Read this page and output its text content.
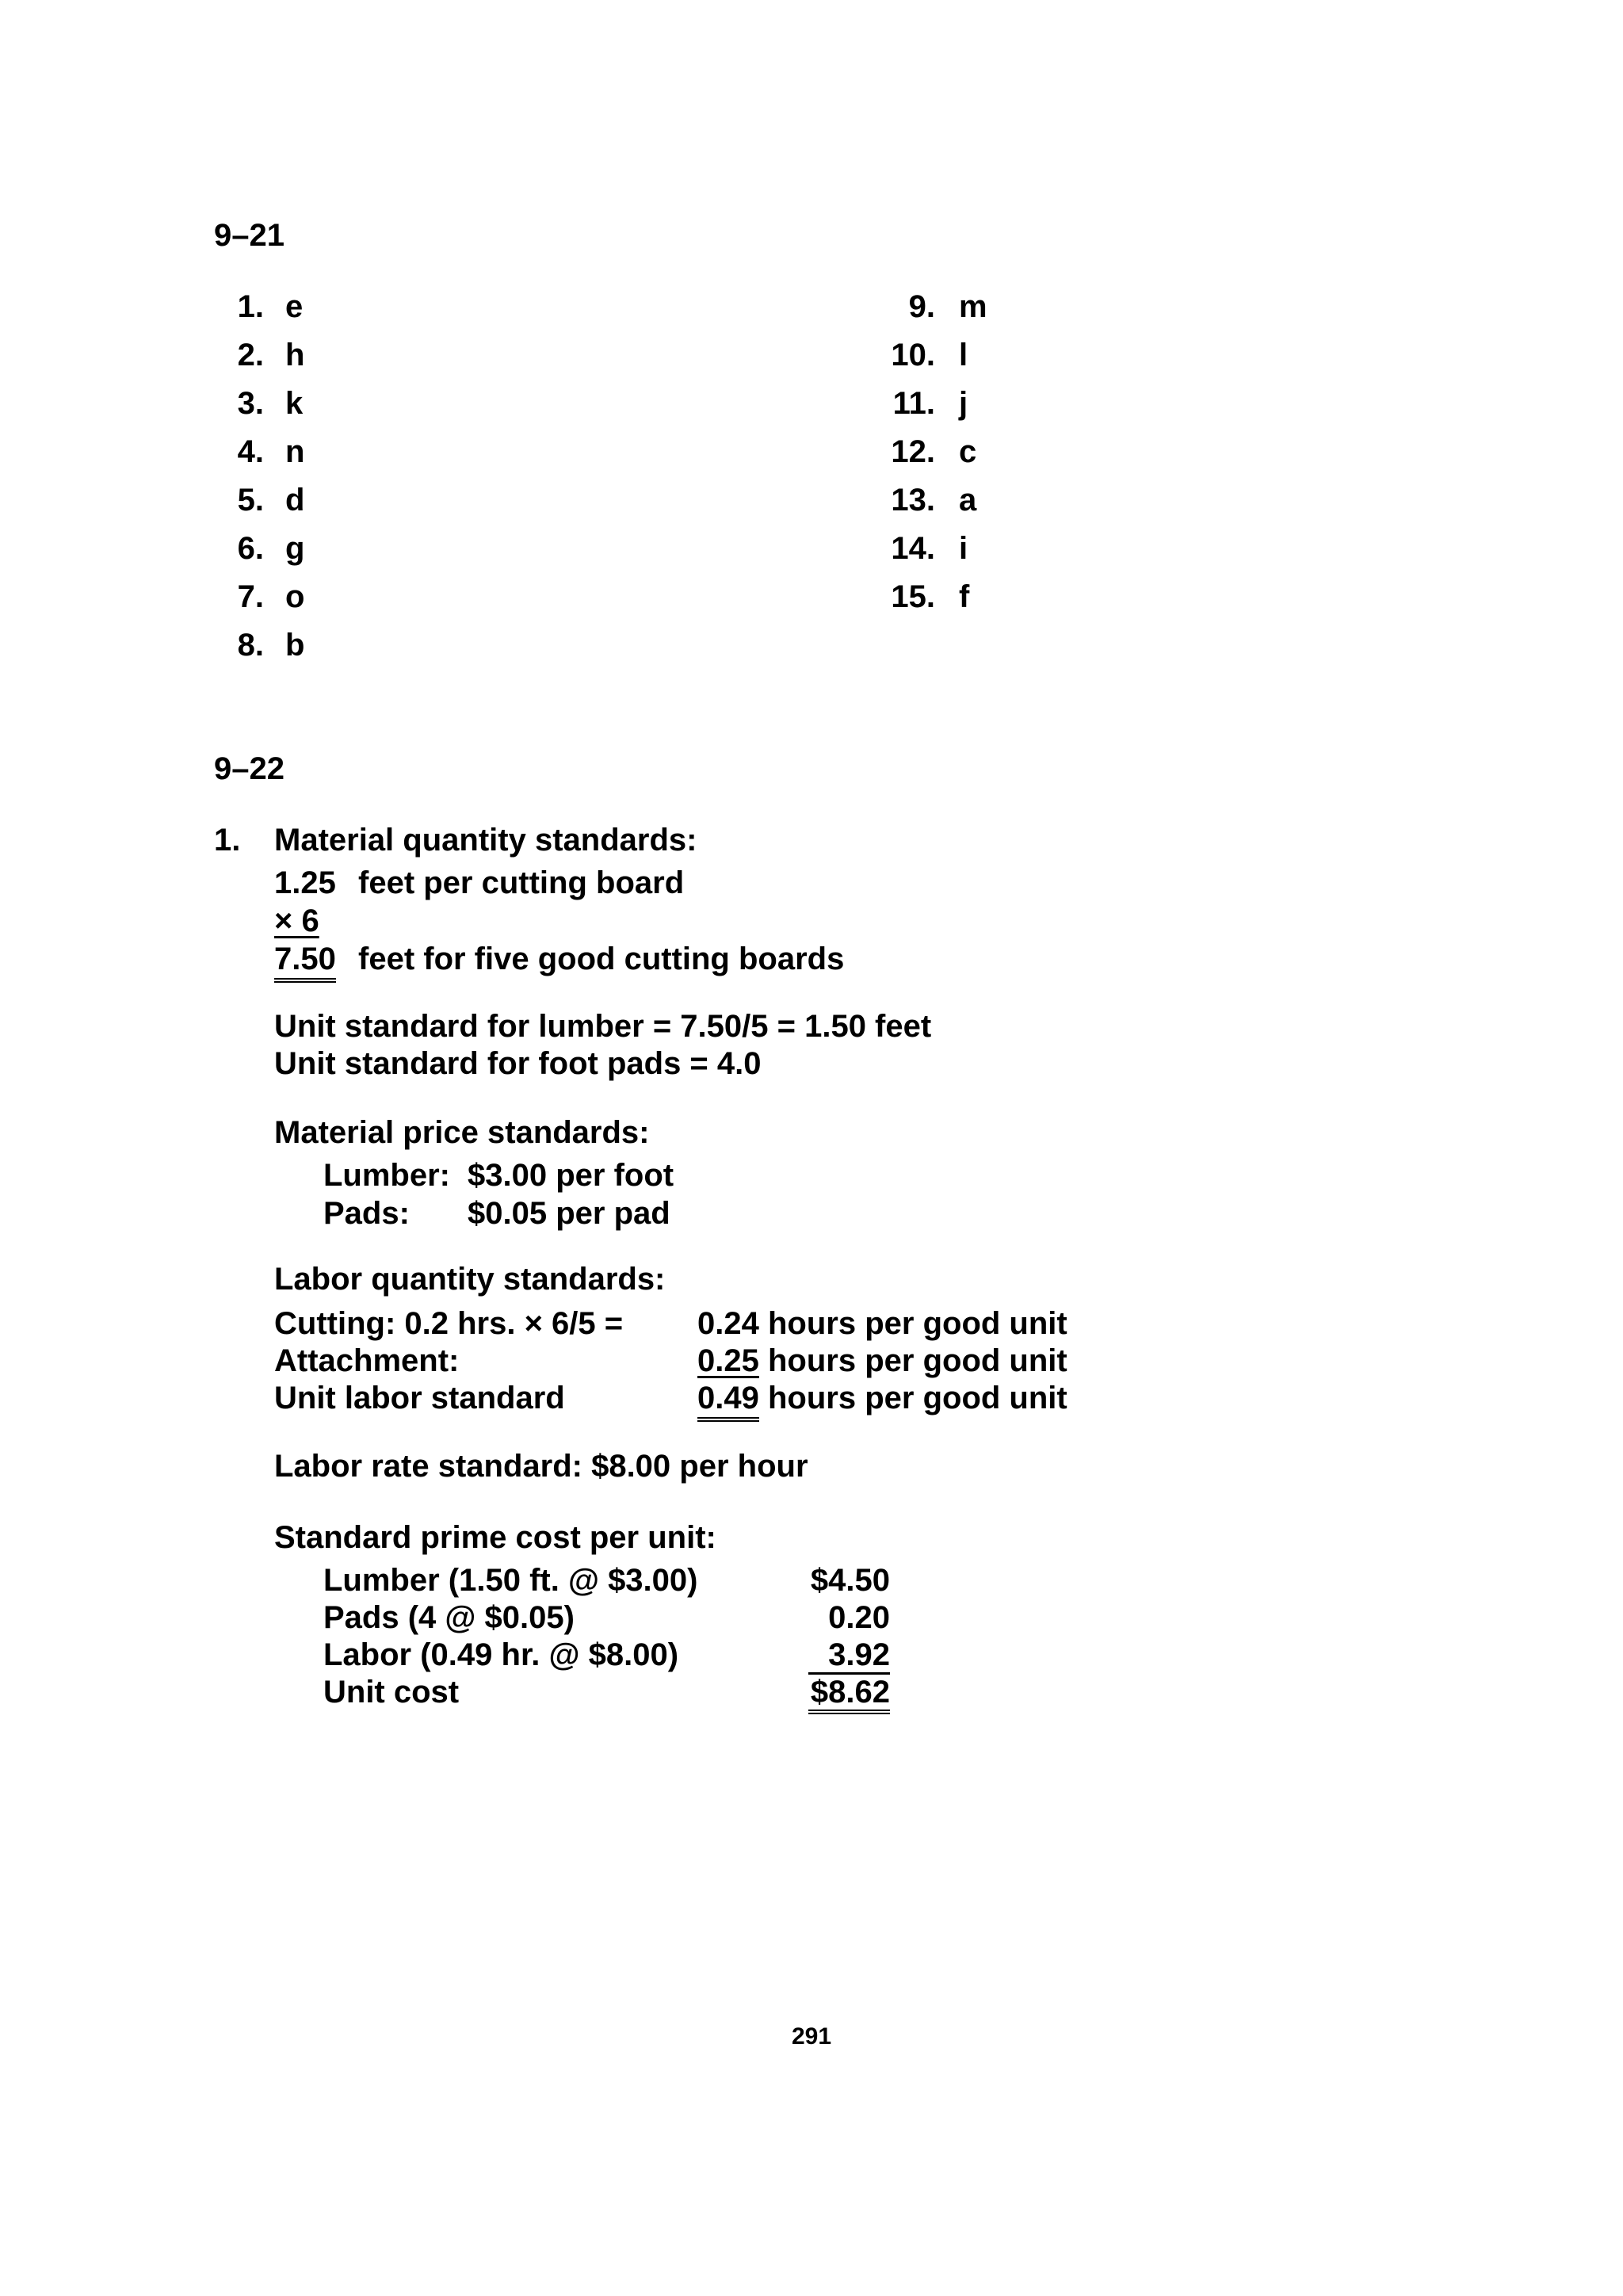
9–21
1. e
2. h
3. k
4. n
5. d
6. g
7. o
8. b
9. m
10. l
11. j
12. c
13. a
14. i
15. f
9–22
1. Material quantity standards:
1.25 feet per cutting board
× 6
7.50 feet for five good cutting boards
Unit standard for lumber = 7.50/5 = 1.50 feet
Unit standard for foot pads = 4.0
Material price standards:
Lumber: $3.00 per foot
Pads: $0.05 per pad
Labor quantity standards:
Cutting: 0.2 hrs. × 6/5 = 0.24 hours per good unit
Attachment:	0.25 hours per good unit
Unit labor standard	0.49 hours per good unit
Labor rate standard: $8.00 per hour
Standard prime cost per unit:
Lumber (1.50 ft. @ $3.00)	$4.50
Pads (4 @ $0.05)	0.20
Labor (0.49 hr. @ $8.00)	3.92
Unit cost	$8.62
291
